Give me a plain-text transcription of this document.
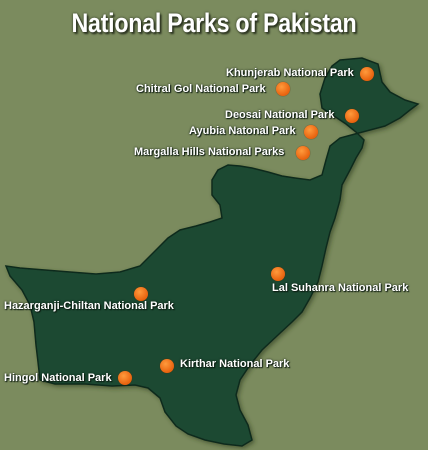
National Parks of Pakistan
Khunjerab National Park
Chitral Gol National Park
Deosai National Park
Ayubia Natonal Park
Margalla Hills National Parks
Lal Suhanra National Park
Hazarganji-Chiltan National Park
Kirthar National Park
Hingol National Park
